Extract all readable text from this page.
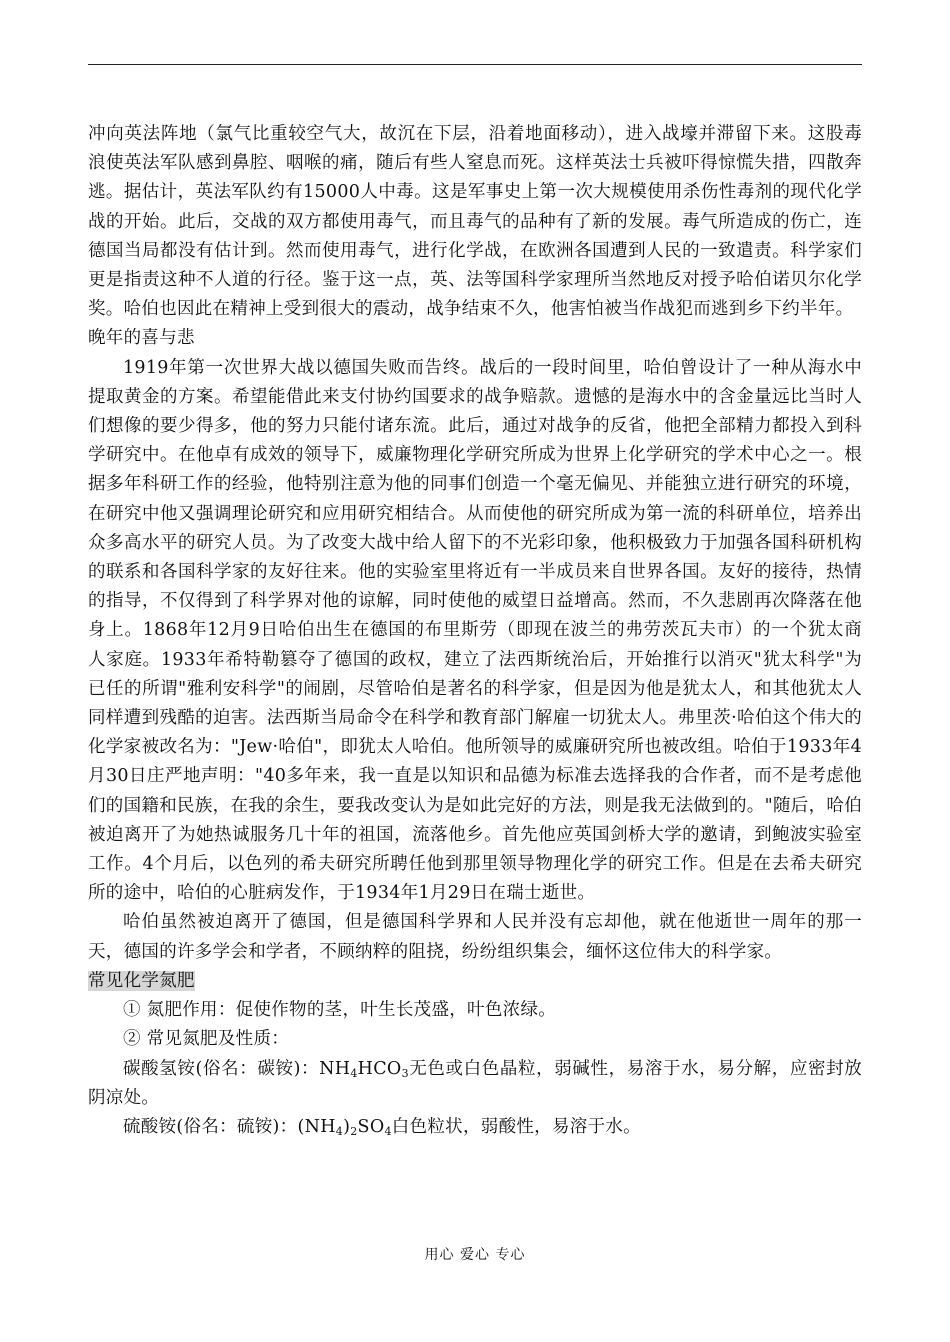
冲向英法阵地（氯气比重较空气大，故沉在下层，沿着地面移动），进入战壕并滞留下来。这股毒浪使英法军队感到鼻腔、咽喉的痛，随后有些人窒息而死。这样英法士兵被吓得惊慌失措，四散奔逃。据估计，英法军队约有15000人中毒。这是军事史上第一次大规模使用杀伤性毒剂的现代化学战的开始。此后，交战的双方都使用毒气，而且毒气的品种有了新的发展。毒气所造成的伤亡，连德国当局都没有估计到。然而使用毒气，进行化学战，在欧洲各国遭到人民的一致遣责。科学家们更是指责这种不人道的行径。鉴于这一点，英、法等国科学家理所当然地反对授予哈伯诺贝尔化学奖。哈伯也因此在精神上受到很大的震动，战争结束不久，他害怕被当作战犯而逃到乡下约半年。

晚年的喜与悲

1919年第一次世界大战以德国失败而告终。战后的一段时间里，哈伯曾设计了一种从海水中提取黄金的方案。希望能借此来支付协约国要求的战争赔款。遗憾的是海水中的含金量远比当时人们想像的要少得多，他的努力只能付诸东流。此后，通过对战争的反省，他把全部精力都投入到科学研究中。在他卓有成效的领导下，威廉物理化学研究所成为世界上化学研究的学术中心之一。根据多年科研工作的经验，他特别注意为他的同事们创造一个毫无偏见、并能独立进行研究的环境，在研究中他又强调理论研究和应用研究相结合。从而使他的研究所成为第一流的科研单位，培养出众多高水平的研究人员。为了改变大战中给人留下的不光彩印象，他积极致力于加强各国科研机构的联系和各国科学家的友好往来。他的实验室里将近有一半成员来自世界各国。友好的接待，热情的指导，不仅得到了科学界对他的谅解，同时使他的威望日益增高。然而，不久悲剧再次降落在他身上。1868年12月9日哈伯出生在德国的布里斯劳（即现在波兰的弗劳茨瓦夫市）的一个犹太商人家庭。1933年希特勒篡夺了德国的政权，建立了法西斯统治后，开始推行以消灭"犹太科学"为已任的所谓"雅利安科学"的闹剧，尽管哈伯是著名的科学家，但是因为他是犹太人，和其他犹太人同样遭到残酷的迫害。法西斯当局命令在科学和教育部门解雇一切犹太人。弗里茨·哈伯这个伟大的化学家被改名为："Jew·哈伯"，即犹太人哈伯。他所领导的威廉研究所也被改组。哈伯于1933年4月30日庄严地声明："40多年来，我一直是以知识和品德为标准去选择我的合作者，而不是考虑他们的国籍和民族，在我的余生，要我改变认为是如此完好的方法，则是我无法做到的。"随后，哈伯被迫离开了为她热诚服务几十年的祖国，流落他乡。首先他应英国剑桥大学的邀请，到鲍波实验室工作。4个月后，以色列的希夫研究所聘任他到那里领导物理化学的研究工作。但是在去希夫研究所的途中，哈伯的心脏病发作，于1934年1月29日在瑞士逝世。

哈伯虽然被迫离开了德国，但是德国科学界和人民并没有忘却他，就在他逝世一周年的那一天，德国的许多学会和学者，不顾纳粹的阻挠，纷纷组织集会，缅怀这位伟大的科学家。

常见化学氮肥

① 氮肥作用：促使作物的茎，叶生长茂盛，叶色浓绿。

② 常见氮肥及性质：

碳酸氢铵(俗名：碳铵)：$NH_4HCO_3$无色或白色晶粒，弱碱性，易溶于水，易分解，应密封放阴凉处。

硫酸铵(俗名：硫铵)：$(NH_4)_2SO_4$白色粒状，弱酸性，易溶于水。

用心 爱心 专心
